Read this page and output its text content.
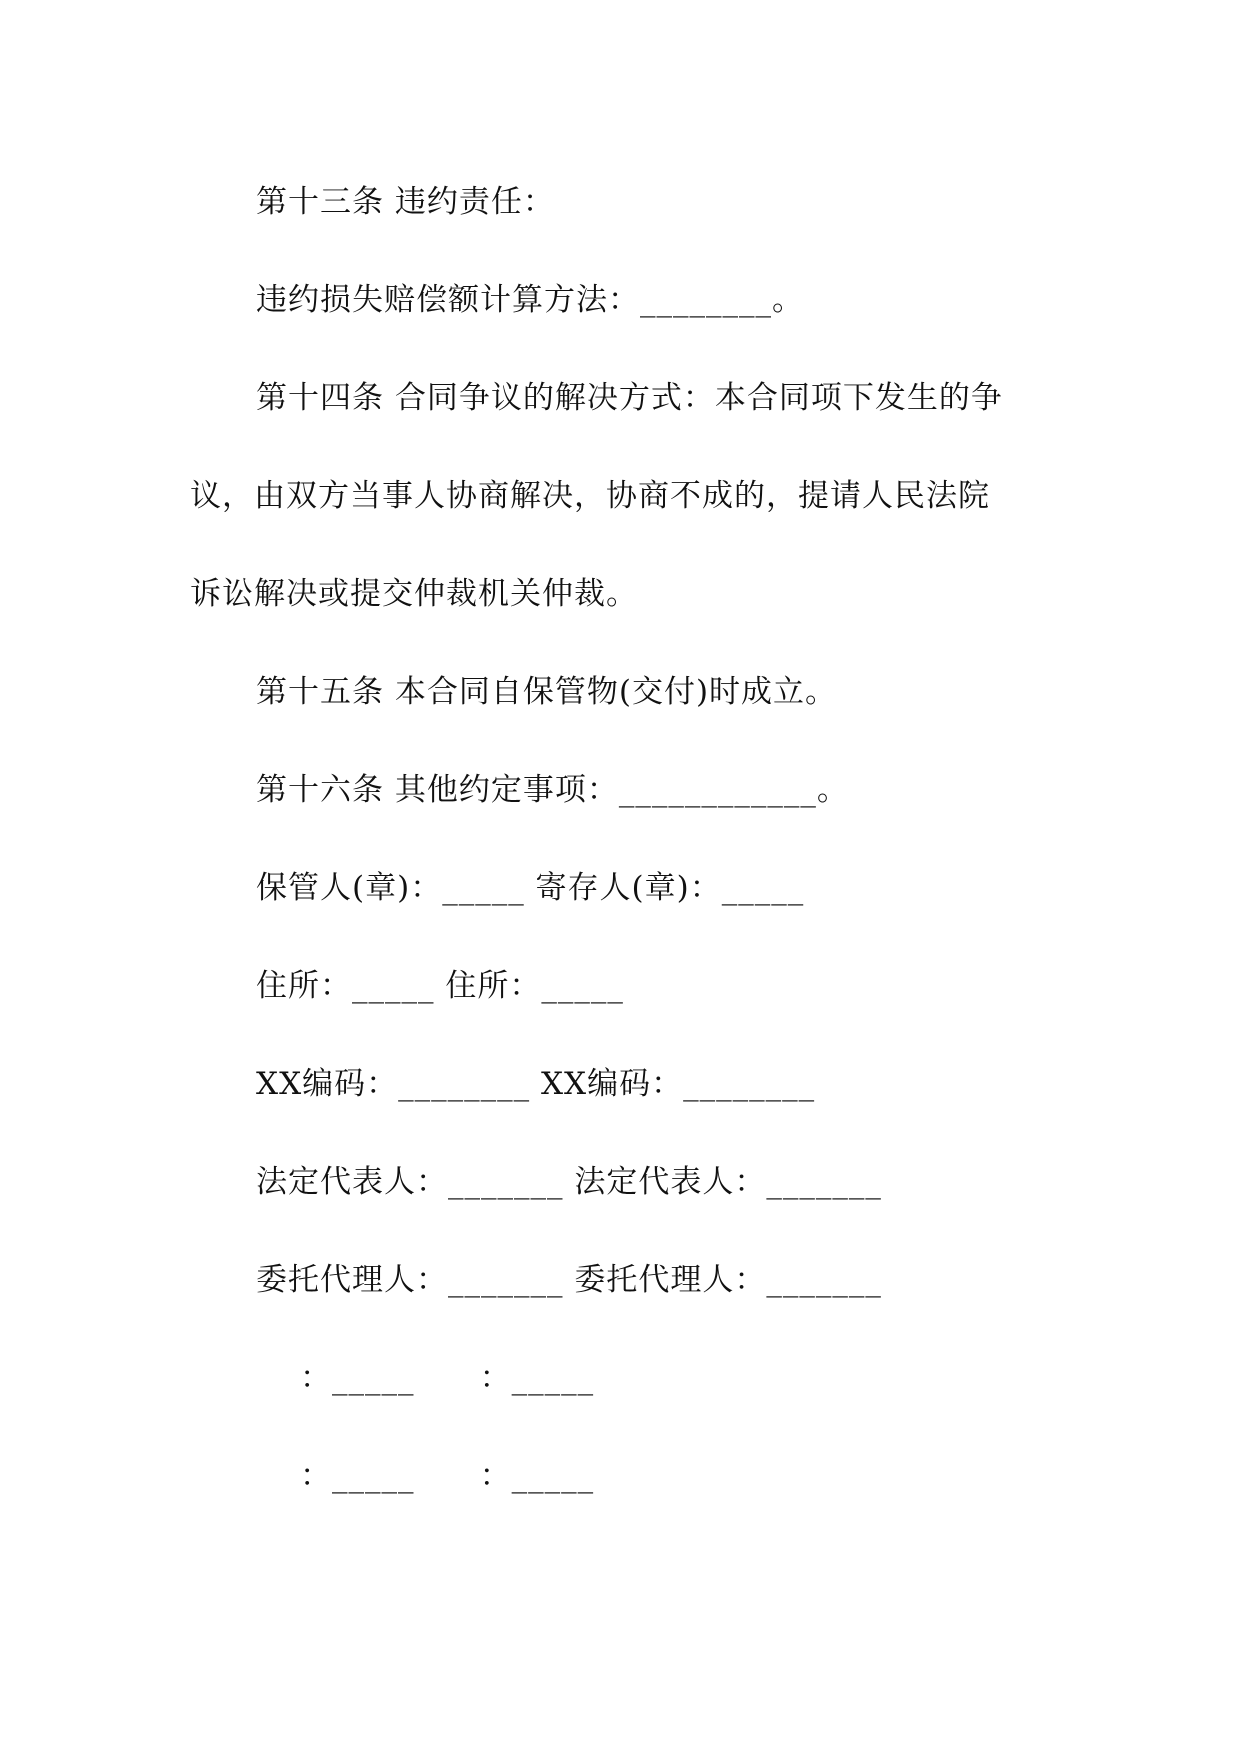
第十三条 违约责任：
违约损失赔偿额计算方法：________。
第十四条 合同争议的解决方式：本合同项下发生的争
议，由双方当事人协商解决，协商不成的，提请人民法院
诉讼解决或提交仲裁机关仲裁。
第十五条 本合同自保管物(交付)时成立。
第十六条 其他约定事项：____________。
保管人(章)：_____ 寄存人(章)：_____
住所：_____ 住所：_____
XX编码：________ XX编码：________
法定代表人：_______ 法定代表人：_______
委托代理人：_______ 委托代理人：_______
：_____      ：_____
：_____      ：_____
